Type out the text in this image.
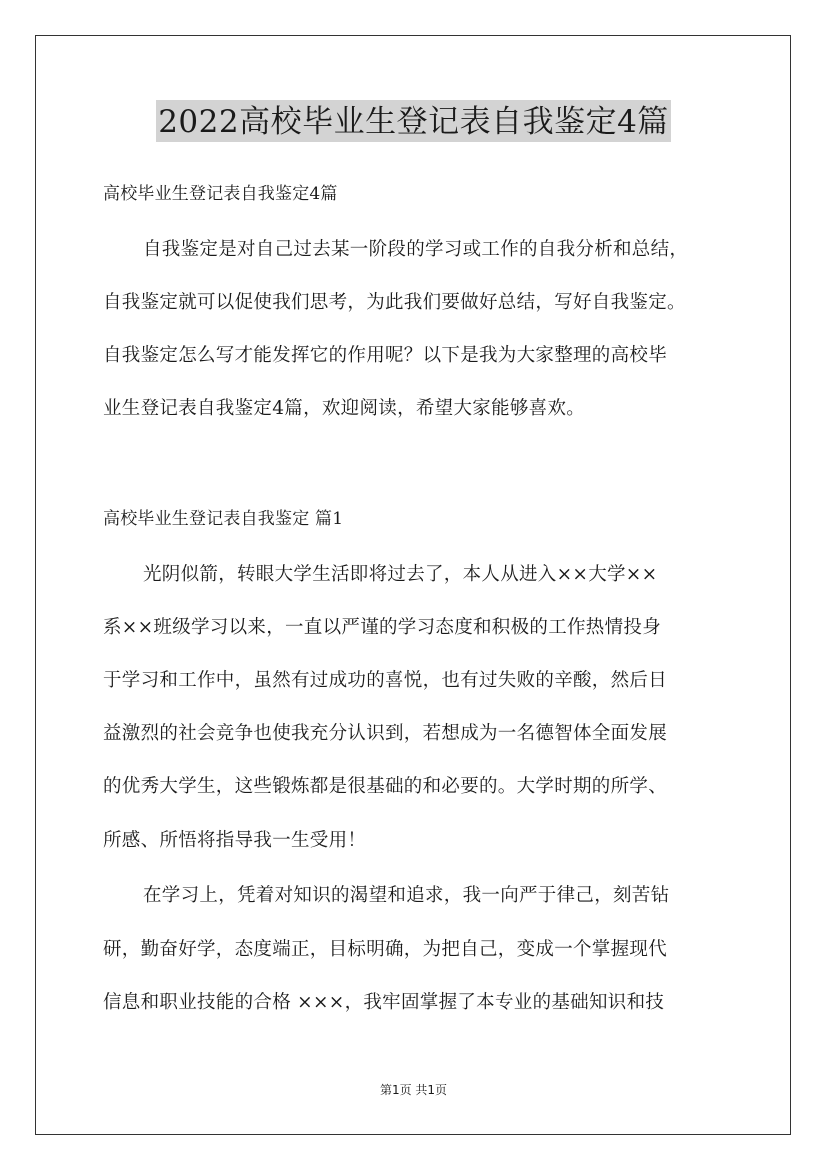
2022高校毕业生登记表自我鉴定4篇
高校毕业生登记表自我鉴定4篇
自我鉴定是对自己过去某一阶段的学习或工作的自我分析和总结，
自我鉴定就可以促使我们思考，为此我们要做好总结，写好自我鉴定。
自我鉴定怎么写才能发挥它的作用呢？以下是我为大家整理的高校毕
业生登记表自我鉴定4篇，欢迎阅读，希望大家能够喜欢。
高校毕业生登记表自我鉴定 篇1
光阴似箭，转眼大学生活即将过去了，本人从进入××大学××
系××班级学习以来，一直以严谨的学习态度和积极的工作热情投身
于学习和工作中，虽然有过成功的喜悦，也有过失败的辛酸，然后日
益激烈的社会竞争也使我充分认识到，若想成为一名德智体全面发展
的优秀大学生，这些锻炼都是很基础的和必要的。大学时期的所学、
所感、所悟将指导我一生受用！
在学习上，凭着对知识的渴望和追求，我一向严于律己，刻苦钻
研，勤奋好学，态度端正，目标明确，为把自己，变成一个掌握现代
信息和职业技能的合格 ×××，我牢固掌握了本专业的基础知识和技
第1页 共1页
